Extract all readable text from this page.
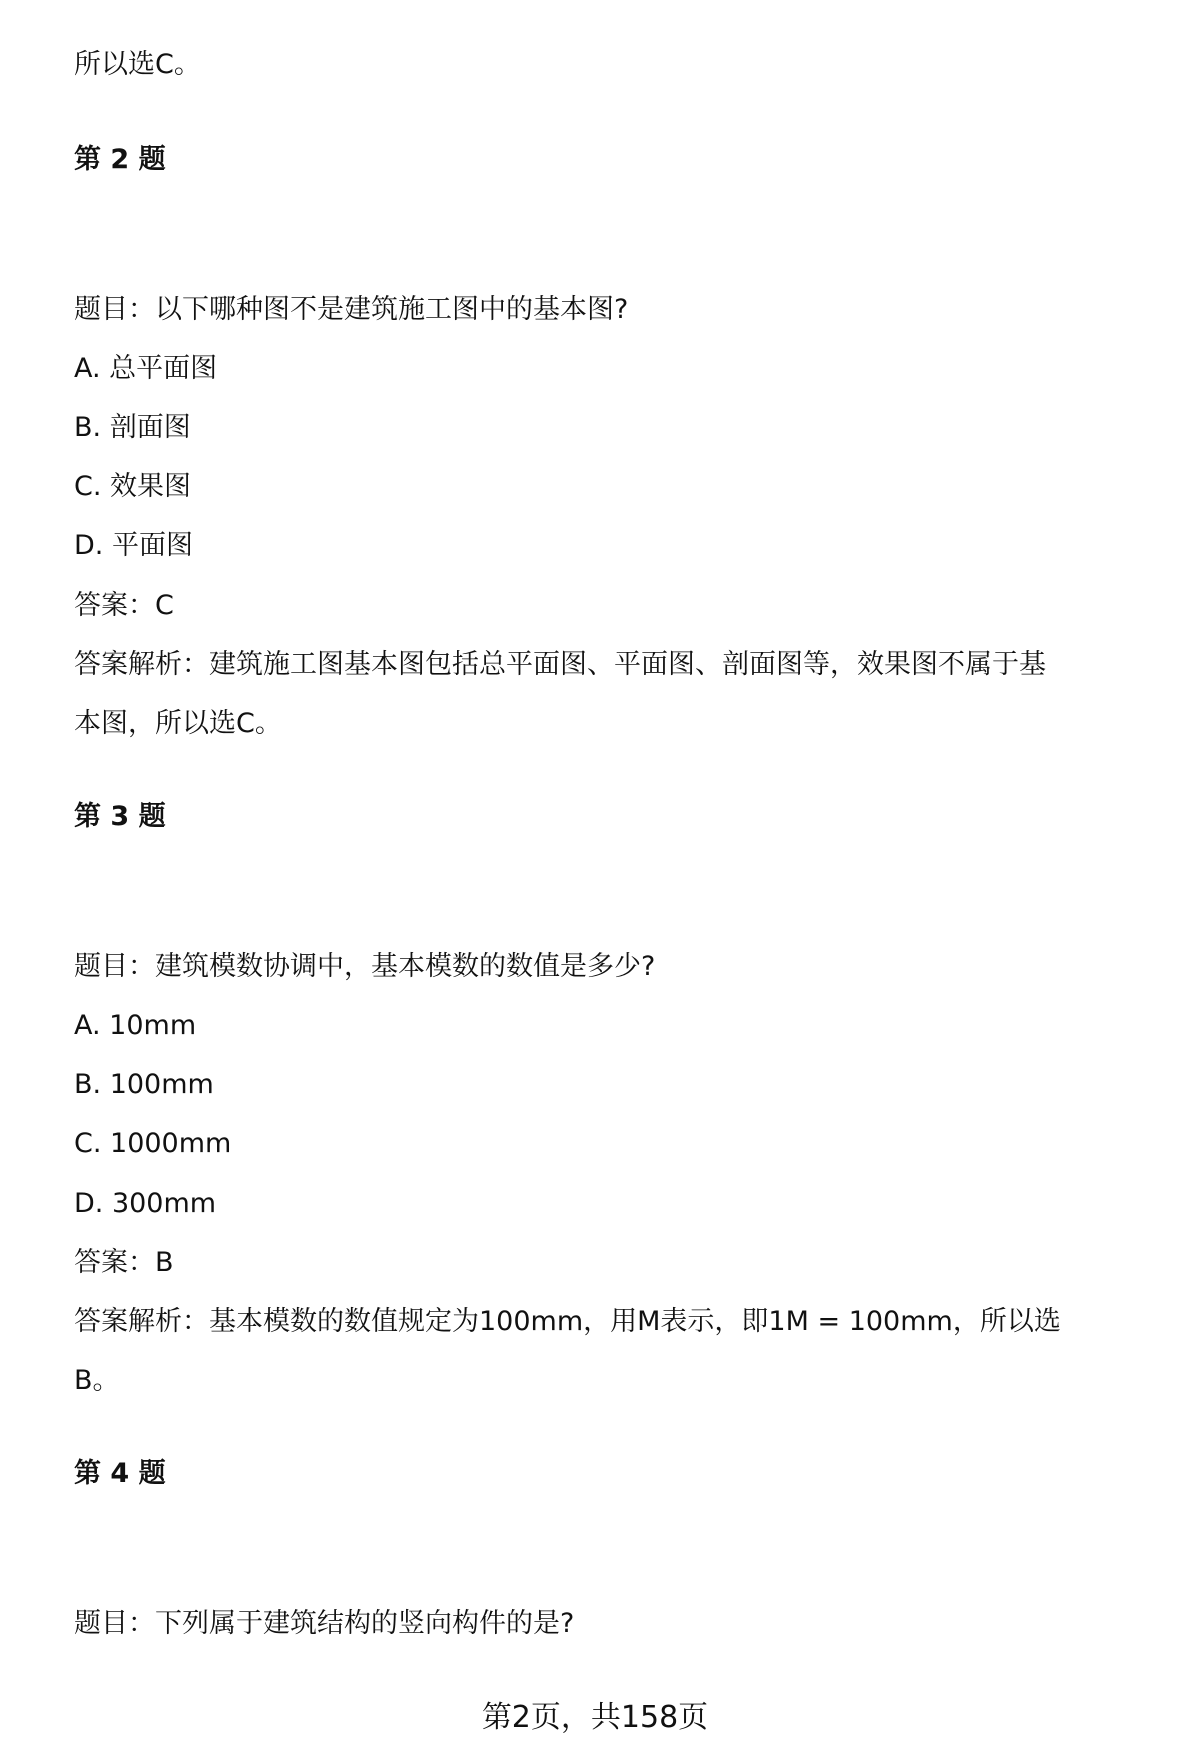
所以选C。
第 2 题
题目：以下哪种图不是建筑施工图中的基本图?
A. 总平面图
B. 剖面图
C. 效果图
D. 平面图
答案：C
答案解析：建筑施工图基本图包括总平面图、平面图、剖面图等，效果图不属于基
本图，所以选C。
第 3 题
题目：建筑模数协调中，基本模数的数值是多少?
A. 10mm
B. 100mm
C. 1000mm
D. 300mm
答案：B
答案解析：基本模数的数值规定为100mm，用M表示，即1M = 100mm，所以选
B。
第 4 题
题目：下列属于建筑结构的竖向构件的是?
第2页，共158页
